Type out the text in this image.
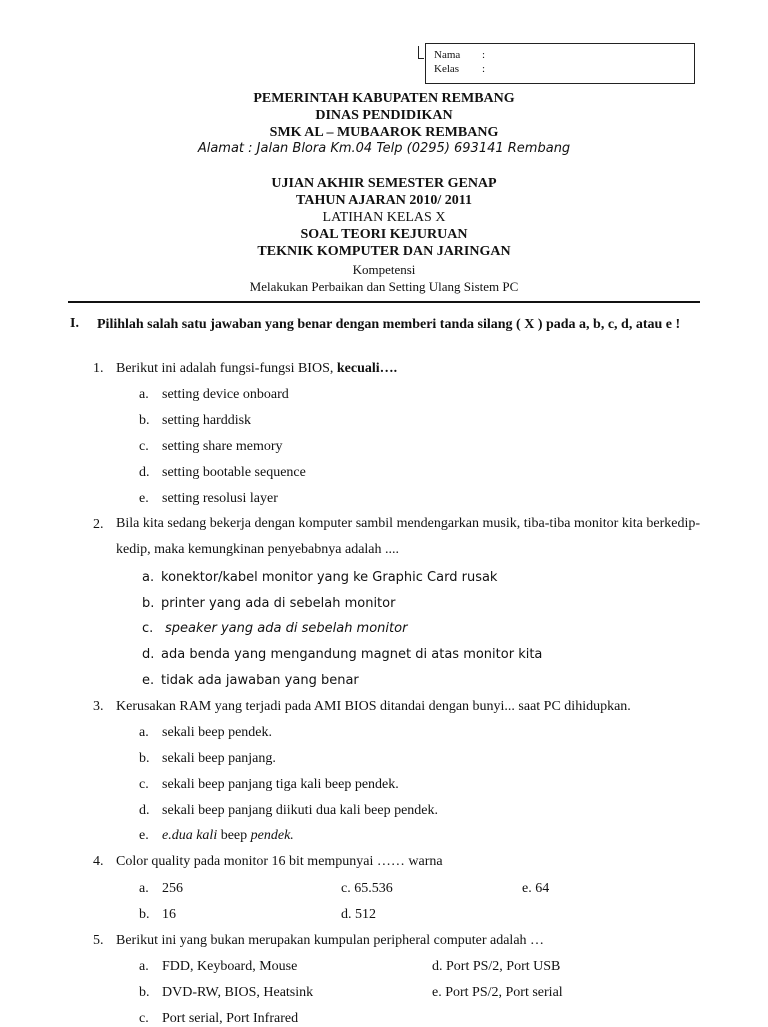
Nama	:
Kelas	:
PEMERINTAH KABUPATEN REMBANG
DINAS PENDIDIKAN
SMK AL – MUBAAROK REMBANG
Alamat : Jalan Blora Km.04 Telp (0295) 693141 Rembang
UJIAN AKHIR SEMESTER GENAP
TAHUN AJARAN 2010/ 2011
LATIHAN KELAS X
SOAL TEORI KEJURUAN
TEKNIK KOMPUTER DAN JARINGAN
Kompetensi
Melakukan Perbaikan dan Setting Ulang Sistem PC
I. Pilihlah salah satu jawaban yang benar dengan memberi tanda silang ( X ) pada a, b, c, d, atau e !
1. Berikut ini adalah fungsi-fungsi BIOS, kecuali….
a. setting device onboard
b. setting harddisk
c. setting share memory
d. setting bootable sequence
e. setting resolusi layer
2. Bila kita sedang bekerja dengan komputer sambil mendengarkan musik, tiba-tiba monitor kita berkedip-kedip, maka kemungkinan penyebabnya adalah ....
a. konektor/kabel monitor yang ke Graphic Card rusak
b. printer yang ada di sebelah monitor
c. speaker yang ada di sebelah monitor
d. ada benda yang mengandung magnet di atas monitor kita
e. tidak ada jawaban yang benar
3. Kerusakan RAM yang terjadi pada AMI BIOS ditandai dengan bunyi... saat PC dihidupkan.
a. sekali beep pendek.
b. sekali beep panjang.
c. sekali beep panjang tiga kali beep pendek.
d. sekali beep panjang diikuti dua kali beep pendek.
e. e.dua kali beep pendek.
4. Color quality pada monitor 16 bit mempunyai …… warna
a. 256	c. 65.536	e. 64
b. 16	d. 512
5. Berikut ini yang bukan merupakan kumpulan peripheral computer adalah …
a. FDD, Keyboard, Mouse	d. Port PS/2, Port USB
b. DVD-RW, BIOS, Heatsink	e. Port PS/2, Port serial
c. Port serial, Port Infrared
